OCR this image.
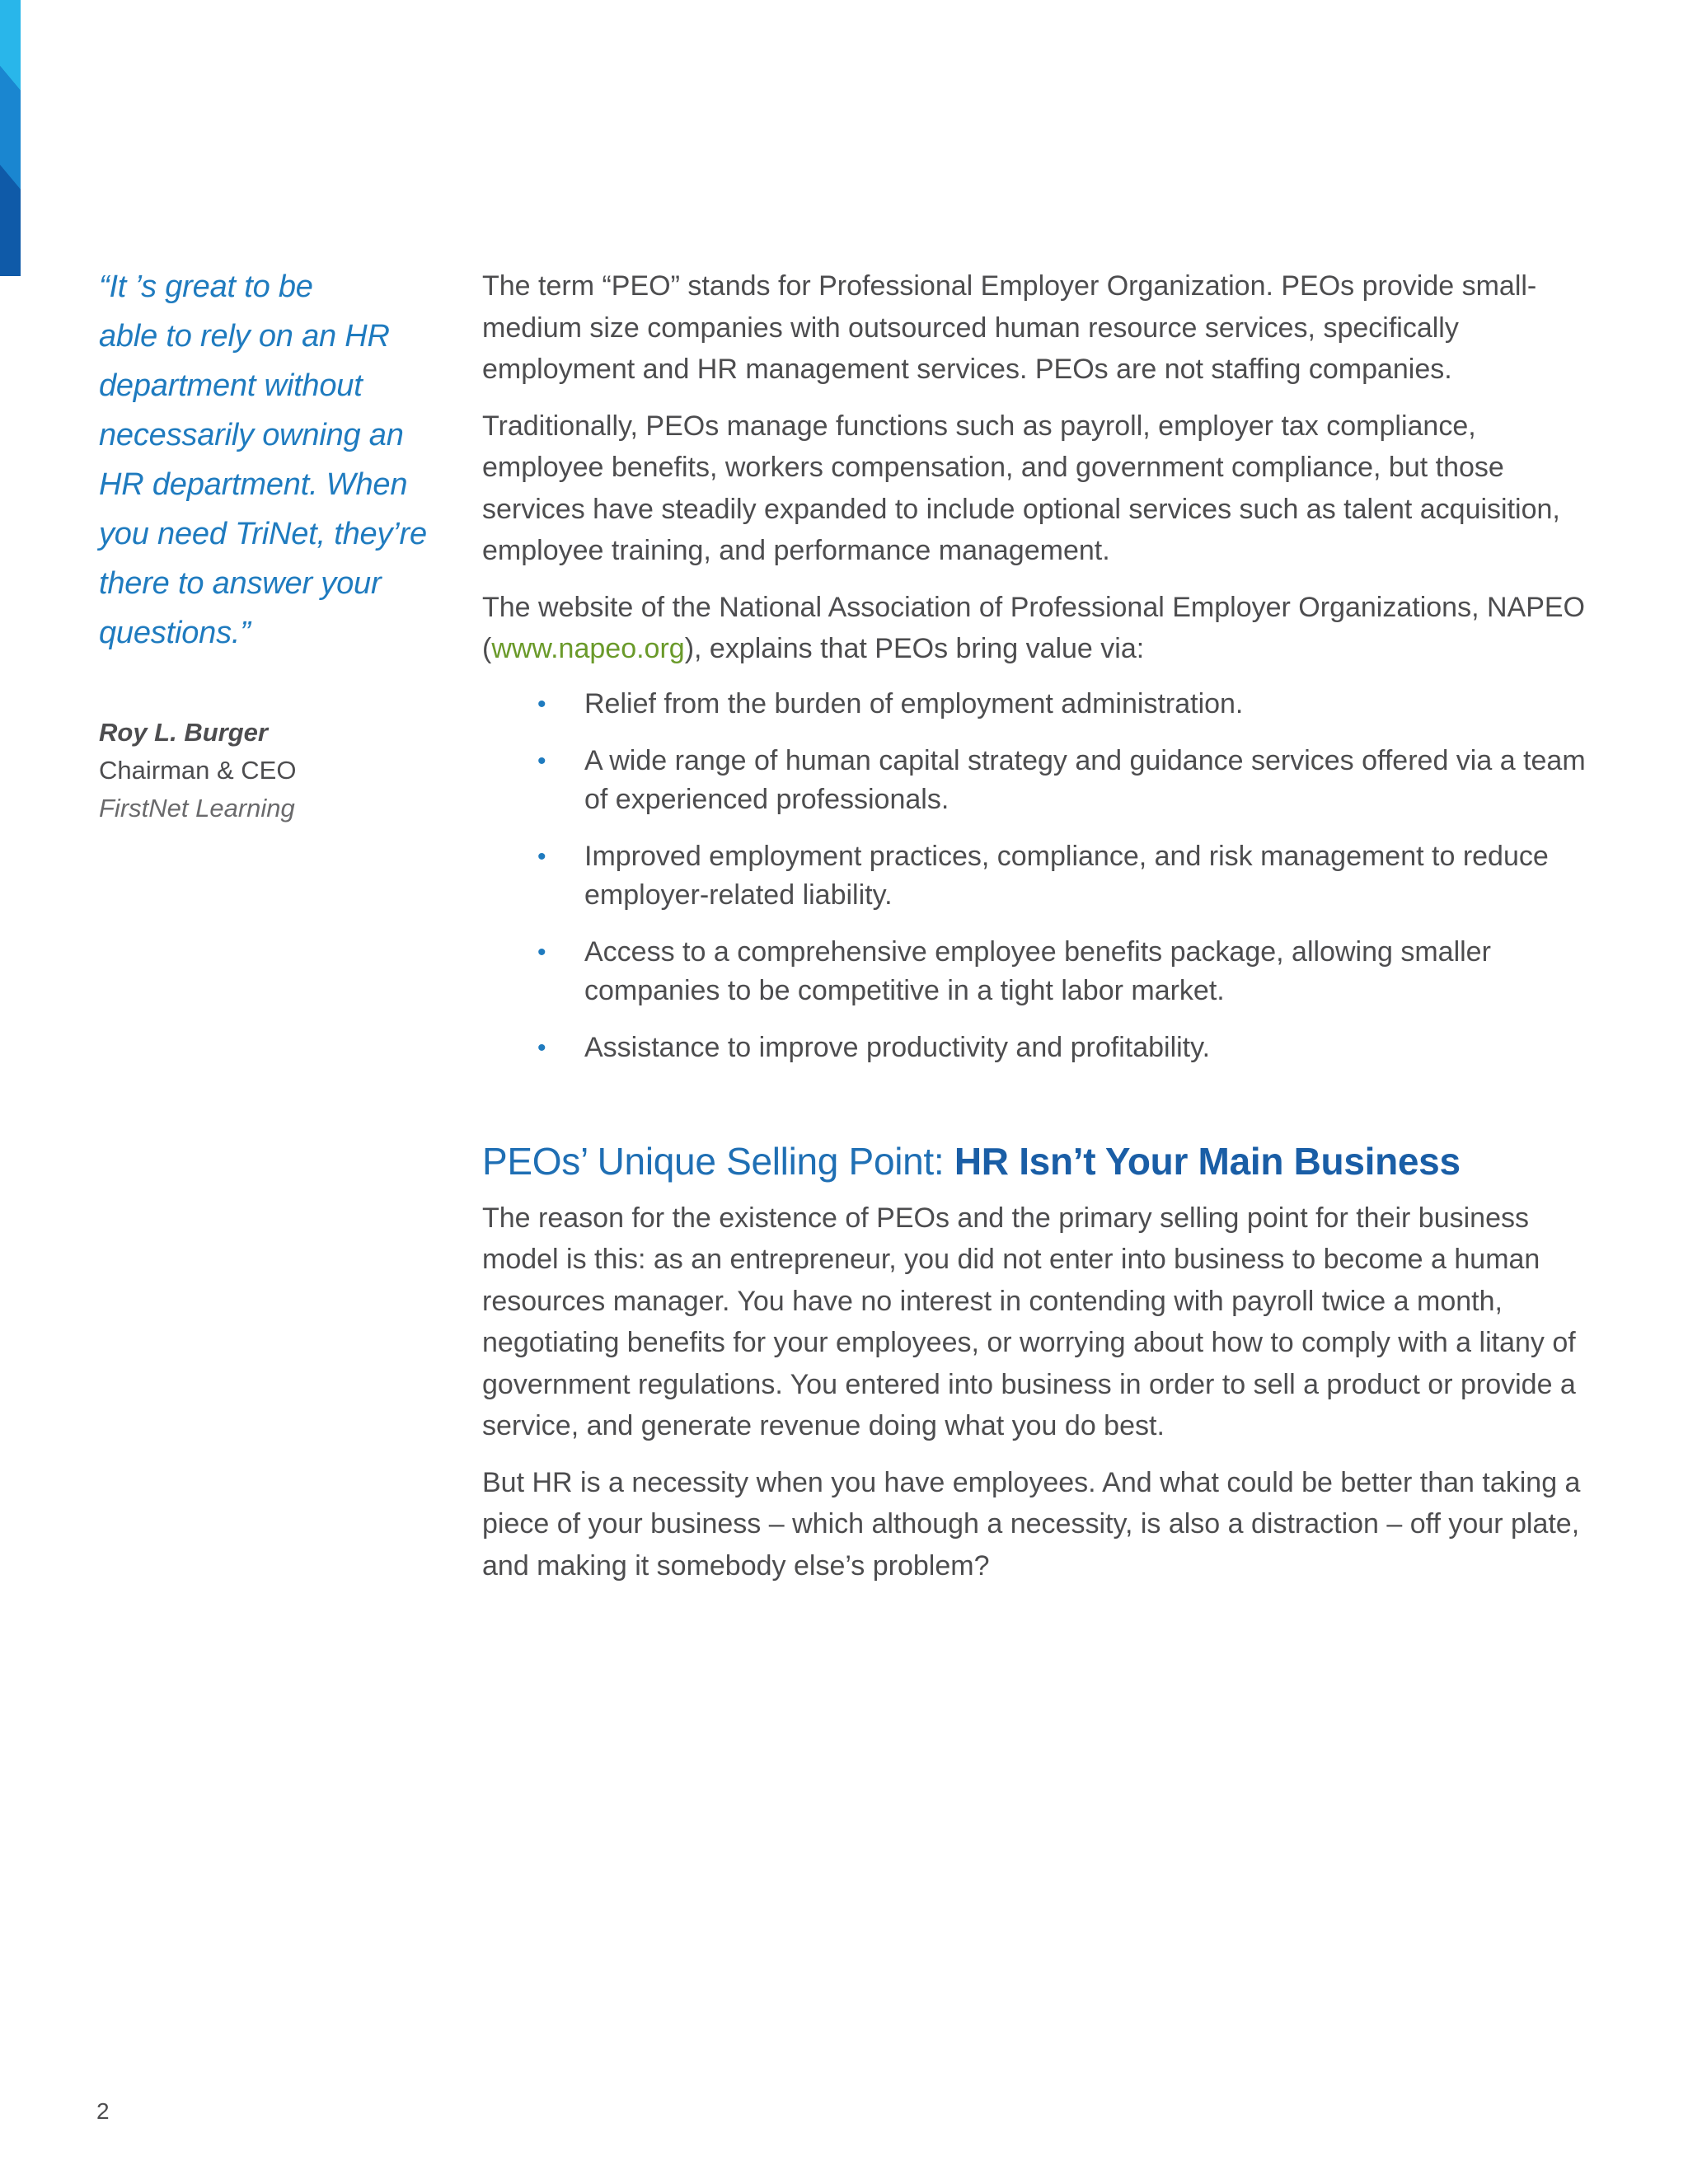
“It ’s great to be
able to rely on an HR
department without
necessarily owning an
HR department. When
you need TriNet, they’re
there to answer your
questions.”

Roy L. Burger
Chairman & CEO
FirstNet Learning

The term “PEO” stands for Professional Employer Organization. PEOs provide small-medium size companies with outsourced human resource services, specifically employment and HR management services. PEOs are not staffing companies.

Traditionally, PEOs manage functions such as payroll, employer tax compliance, employee benefits, workers compensation, and government compliance, but those services have steadily expanded to include optional services such as talent acquisition, employee training, and performance management.

The website of the National Association of Professional Employer Organizations, NAPEO (www.napeo.org), explains that PEOs bring value via:

• Relief from the burden of employment administration.
• A wide range of human capital strategy and guidance services offered via a team of experienced professionals.
• Improved employment practices, compliance, and risk management to reduce employer-related liability.
• Access to a comprehensive employee benefits package, allowing smaller companies to be competitive in a tight labor market.
• Assistance to improve productivity and profitability.
PEOs’ Unique Selling Point: HR Isn’t Your Main Business

The reason for the existence of PEOs and the primary selling point for their business model is this: as an entrepreneur, you did not enter into business to become a human resources manager. You have no interest in contending with payroll twice a month, negotiating benefits for your employees, or worrying about how to comply with a litany of government regulations. You entered into business in order to sell a product or provide a service, and generate revenue doing what you do best.

But HR is a necessity when you have employees. And what could be better than taking a piece of your business – which although a necessity, is also a distraction – off your plate, and making it somebody else’s problem?

2
